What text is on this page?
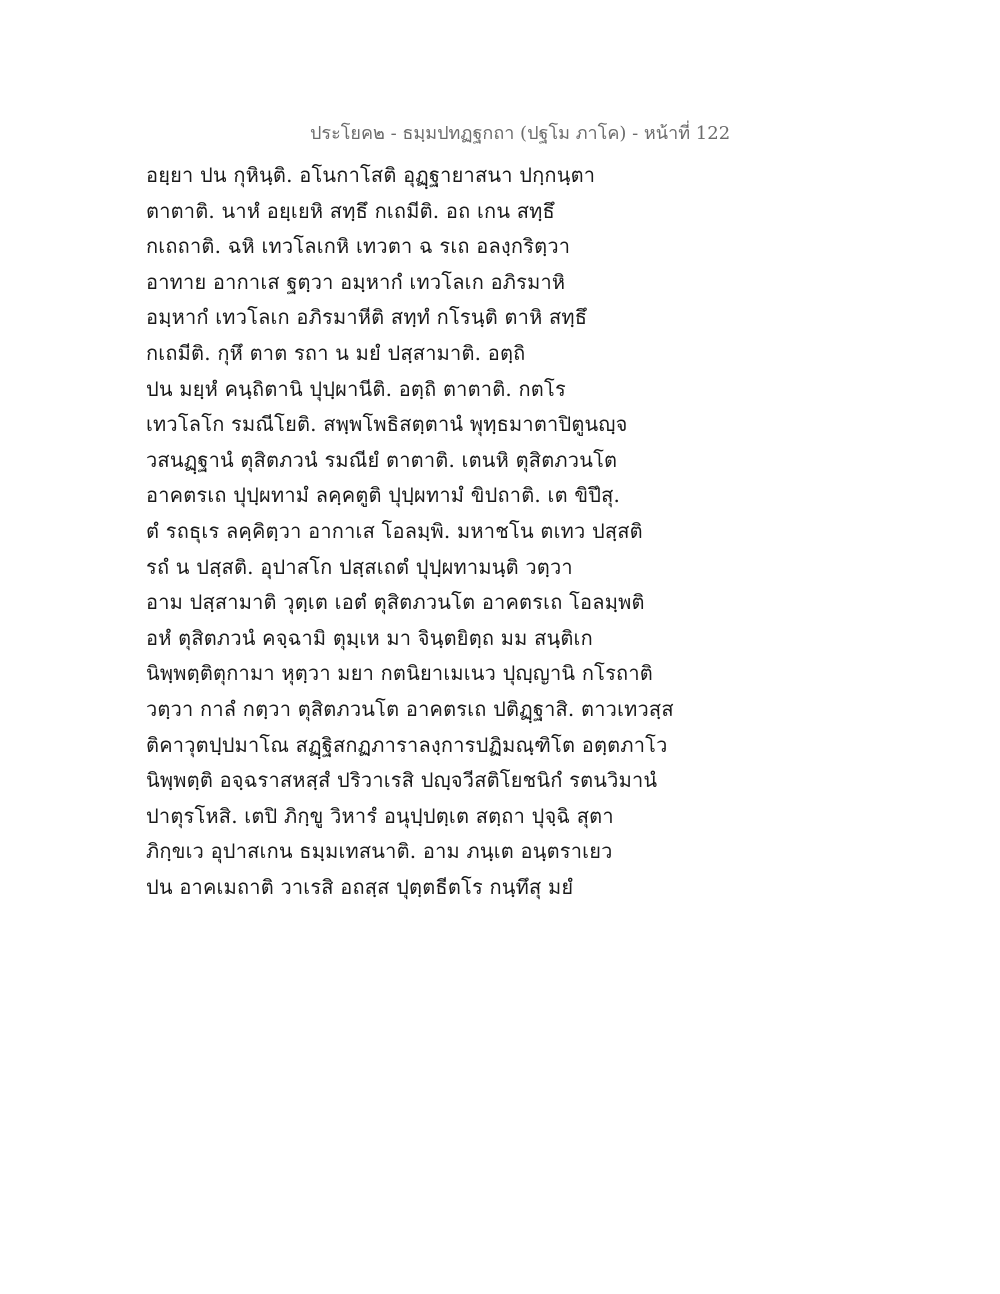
ประโยค๒ - ธมฺมปทฏฐกถา (ปฐโม ภาโค) - หน้าที่ 122
อยฺยา ปน กุหินฺติ. อโนกาโสติ อุฏฺฐายาสนา ปกฺกนฺตา
ตาตาติ. นาหํ อยฺเยหิ สทฺธึ กเถมีติ. อถ เกน สทฺธึ
กเถถาติ. ฉหิ เทวโลเกหิ เทวตา ฉ รเถ อลงฺกริตฺวา
อาทาย อากาเส ฐตฺวา อมฺหากํ เทวโลเก อภิรมาหิ
อมฺหากํ เทวโลเก อภิรมาหีติ สทฺทํ กโรนฺติ ตาหิ สทฺธึ
กเถมีติ. กุหึ ตาต รถา น มยํ ปสฺสามาติ. อตฺถิ
ปน มยฺหํ คนฺถิตานิ ปุปฺผานีติ. อตฺถิ ตาตาติ. กตโร
เทวโลโก รมณีโยติ. สพฺพโพธิสตฺตานํ พุทฺธมาตาปิตูนญฺจ
วสนฏฺฐานํ ตุสิตภวนํ รมณียํ ตาตาติ. เตนหิ ตุสิตภวนโต
อาคตรเถ ปุปฺผทามํ ลคฺคตูติ ปุปฺผทามํ ขิปถาติ. เต ขิปึสุ.
ตํ รถธุเร ลคฺคิตฺวา อากาเส โอลมฺพิ. มหาชโน ตเทว ปสฺสติ
รถํ น ปสฺสติ. อุปาสโก ปสฺสเถตํ ปุปฺผทามนฺติ วตฺวา
อาม ปสฺสามาติ วุตฺเต เอตํ ตุสิตภวนโต อาคตรเถ โอลมฺพติ
อหํ ตุสิตภวนํ คจฺฉามิ ตุมฺเห มา จินฺตยิตฺถ มม สนฺติเก
นิพฺพตฺติตุกามา หุตฺวา มยา กตนิยาเมเนว ปุญฺญานิ กโรถาติ
วตฺวา กาลํ กตฺวา ตุสิตภวนโต อาคตรเถ ปติฏฺฐาสิ. ตาวเทวสฺส
ติคาวุตปฺปมาโณ สฏฺฐิสกฏภาราลงฺการปฏิมณฺฑิโต อตฺตภาโว
นิพฺพตฺติ อจฺฉราสหสฺสํ ปริวาเรสิ ปญฺจวีสติโยชนิกํ รตนวิมานํ
ปาตุรโหสิ. เตปิ ภิกฺขู วิหารํ อนุปฺปตฺเต สตฺถา ปุจฺฉิ สุตา
ภิกฺขเว อุปาสเกน ธมฺมเทสนาติ. อาม ภนฺเต อนฺตราเยว
ปน อาคเมถาติ วาเรสิ อถสฺส ปุตฺตธีตโร กนฺทึสุ มยํ
